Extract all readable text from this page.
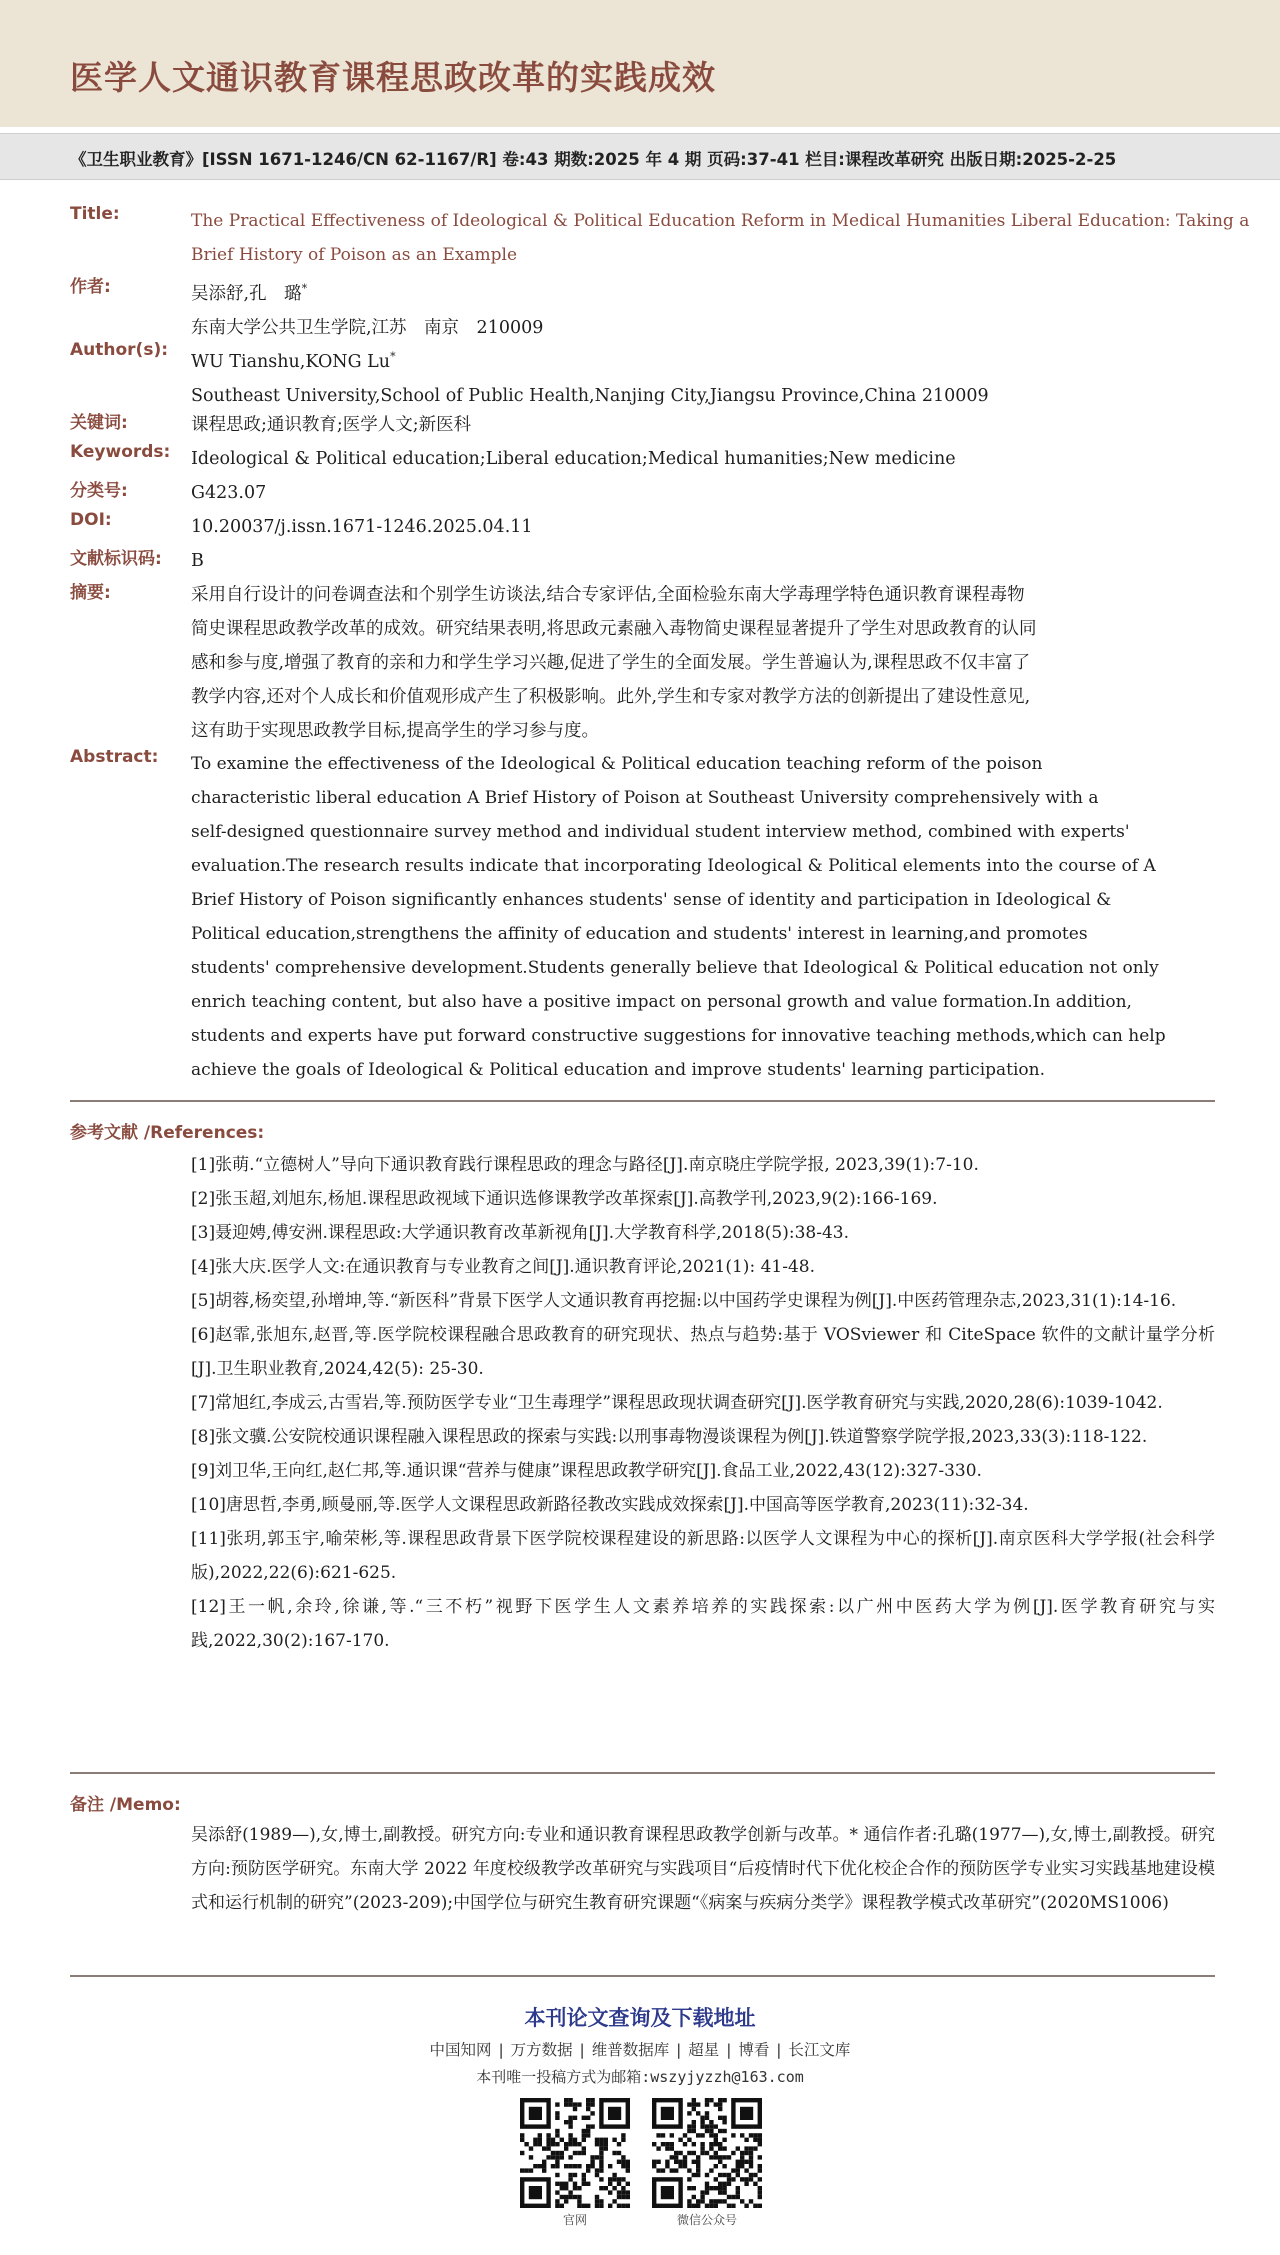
医学人文通识教育课程思政改革的实践成效
《卫生职业教育》[ISSN 1671-1246/CN 62-1167/R] 卷:43 期数:2025 年 4 期 页码:37-41 栏目:课程改革研究 出版日期:2025-2-25
Title:	The Practical Effectiveness of Ideological & Political Education Reform in Medical Humanities Liberal Education: Taking a
Brief History of Poison as an Example
作者:	吴添舒,孔　璐*
东南大学公共卫生学院,江苏　南京　210009
Author(s):
WU Tianshu,KONG Lu*
Southeast University,School of Public Health,Nanjing City,Jiangsu Province,China 210009
关键词:	课程思政;通识教育;医学人文;新医科
Keywords: Ideological & Political education;Liberal education;Medical humanities;New medicine
分类号:	G423.07
DOI:	10.20037/j.issn.1671-1246.2025.04.11
文献标识码: B
摘要:	采用自行设计的问卷调查法和个别学生访谈法,结合专家评估,全面检验东南大学毒理学特色通识教育课程毒物
简史课程思政教学改革的成效。研究结果表明,将思政元素融入毒物简史课程显著提升了学生对思政教育的认同
感和参与度,增强了教育的亲和力和学生学习兴趣,促进了学生的全面发展。学生普遍认为,课程思政不仅丰富了
教学内容,还对个人成长和价值观形成产生了积极影响。此外,学生和专家对教学方法的创新提出了建设性意见,
这有助于实现思政教学目标,提高学生的学习参与度。
Abstract: To examine the effectiveness of the Ideological & Political education teaching reform of the poison
characteristic liberal education A Brief History of Poison at Southeast University comprehensively with a
self-designed questionnaire survey method and individual student interview method, combined with experts'
evaluation.The research results indicate that incorporating Ideological & Political elements into the course of A
Brief History of Poison significantly enhances students' sense of identity and participation in Ideological &
Political education,strengthens the affinity of education and students' interest in learning,and promotes
students' comprehensive development.Students generally believe that Ideological & Political education not only
enrich teaching content, but also have a positive impact on personal growth and value formation.In addition,
students and experts have put forward constructive suggestions for innovative teaching methods,which can help
achieve the goals of Ideological & Political education and improve students' learning participation.
参考文献 /References:
[1]张萌.“立德树人”导向下通识教育践行课程思政的理念与路径[J].南京晓庄学院学报, 2023,39(1):7-10.
[2]张玉超,刘旭东,杨旭.课程思政视域下通识选修课教学改革探索[J].高教学刊,2023,9(2):166-169.
[3]聂迎娉,傅安洲.课程思政:大学通识教育改革新视角[J].大学教育科学,2018(5):38-43.
[4]张大庆.医学人文:在通识教育与专业教育之间[J].通识教育评论,2021(1): 41-48.
[5]胡蓉,杨奕望,孙增坤,等.“新医科”背景下医学人文通识教育再挖掘:以中国药学史课程为例[J].中医药管理杂志,2023,31(1):14-16.
[6]赵霏,张旭东,赵晋,等.医学院校课程融合思政教育的研究现状、热点与趋势:基于 VOSviewer 和 CiteSpace 软件的文献计量学分析[J].卫生职业教育,2024,42(5): 25-30.
[7]常旭红,李成云,古雪岩,等.预防医学专业“卫生毒理学”课程思政现状调查研究[J].医学教育研究与实践,2020,28(6):1039-1042.
[8]张文骥.公安院校通识课程融入课程思政的探索与实践:以刑事毒物漫谈课程为例[J].铁道警察学院学报,2023,33(3):118-122.
[9]刘卫华,王向红,赵仁邦,等.通识课“营养与健康”课程思政教学研究[J].食品工业,2022,43(12):327-330.
[10]唐思哲,李勇,顾曼丽,等.医学人文课程思政新路径教改实践成效探索[J].中国高等医学教育,2023(11):32-34.
[11]张玥,郭玉宇,喻荣彬,等.课程思政背景下医学院校课程建设的新思路:以医学人文课程为中心的探析[J].南京医科大学学报(社会科学版),2022,22(6):621-625.
[12]王一帆,余玲,徐谦,等.“三不朽”视野下医学生人文素养培养的实践探索:以广州中医药大学为例[J].医学教育研究与实践,2022,30(2):167-170.
备注 /Memo:
吴添舒(1989—),女,博士,副教授。研究方向:专业和通识教育课程思政教学创新与改革。* 通信作者:孔璐(1977—),女,博士,副教授。研究方向:预防医学研究。东南大学 2022 年度校级教学改革研究与实践项目“后疫情时代下优化校企合作的预防医学专业实习实践基地建设模式和运行机制的研究”(2023-209);中国学位与研究生教育研究课题“《病案与疾病分类学》课程教学模式改革研究”(2020MS1006)
本刊论文查询及下载地址
中国知网 | 万方数据 | 维普数据库 | 超星 | 博看 | 长江文库
本刊唯一投稿方式为邮箱:wszyjyzzh@163.com
官网	微信公众号
